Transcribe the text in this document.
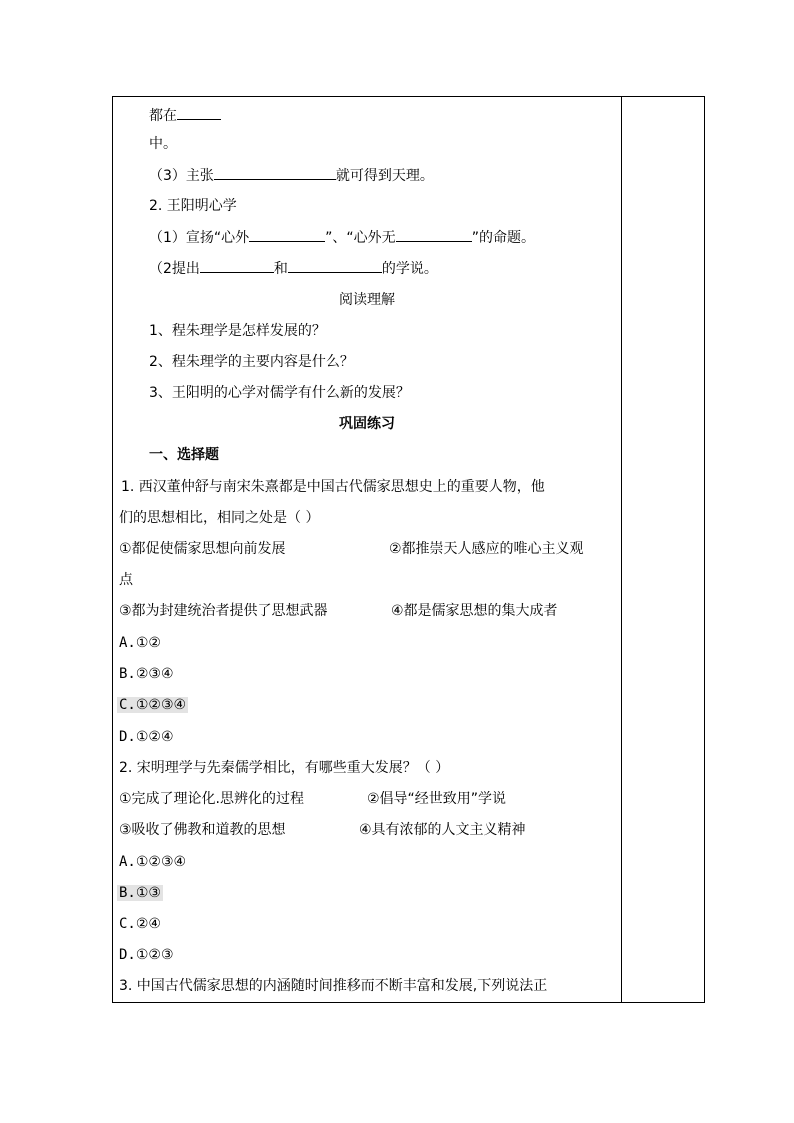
都在
中。
（3）主张	就可得到天理。
2. 王阳明心学
（1）宣扬“心外	”、“心外无	”的命题。
（2提出	和	的学说。
阅读理解
1、程朱理学是怎样发展的？
2、程朱理学的主要内容是什么？
3、王阳明的心学对儒学有什么新的发展？
巩固练习
一、选择题
1. 西汉董仲舒与南宋朱熹都是中国古代儒家思想史上的重要人物，他
们的思想相比，相同之处是（ ）
①都促使儒家思想向前发展	②都推崇天人感应的唯心主义观
点
③都为封建统治者提供了思想武器	④都是儒家思想的集大成者
A.①②
B.②③④
C.①②③④
D.①②④
2. 宋明理学与先秦儒学相比，有哪些重大发展？（ ）
①完成了理论化.思辨化的过程	②倡导“经世致用”学说
③吸收了佛教和道教的思想	④具有浓郁的人文主义精神
A.①②③④
B.①③
C.②④
D.①②③
3. 中国古代儒家思想的内涵随时间推移而不断丰富和发展,下列说法正
